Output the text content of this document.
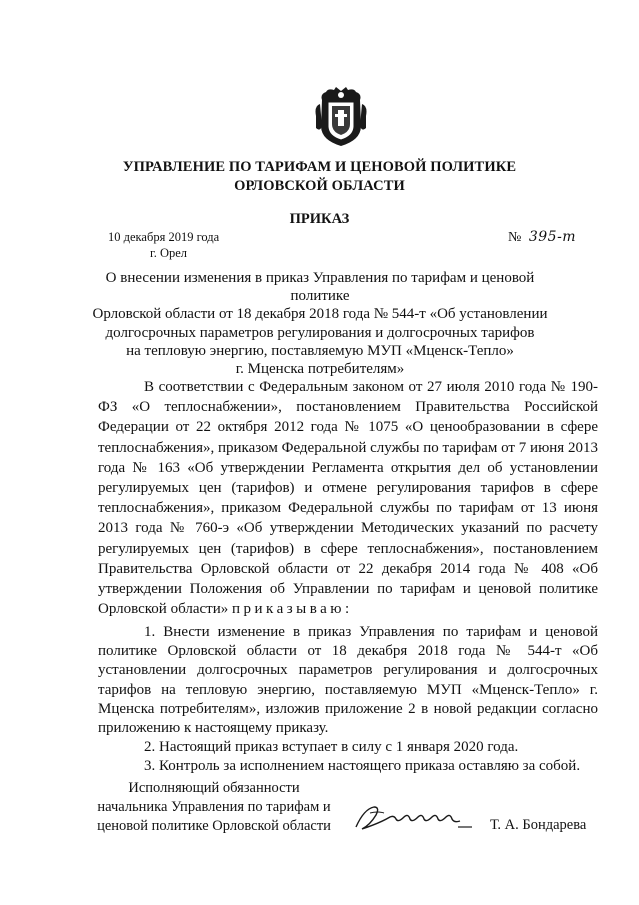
УПРАВЛЕНИЕ ПО ТАРИФАМ И ЦЕНОВОЙ ПОЛИТИКЕ
ОРЛОВСКОЙ ОБЛАСТИ
ПРИКАЗ
10 декабря 2019 года
г. Орел
№ 395-т
О внесении изменения в приказ Управления по тарифам и ценовой политике
Орловской области от 18 декабря 2018 года № 544-т «Об установлении
долгосрочных параметров регулирования и долгосрочных тарифов
на тепловую энергию, поставляемую МУП «Мценск-Тепло»
г. Мценска потребителям»

В соответствии с Федеральным законом от 27 июля 2010 года № 190-ФЗ «О теплоснабжении», постановлением Правительства Российской Федерации от 22 октября 2012 года № 1075 «О ценообразовании в сфере теплоснабжения», приказом Федеральной службы по тарифам от 7 июня 2013 года № 163 «Об утверждении Регламента открытия дел об установлении регулируемых цен (тарифов) и отмене регулирования тарифов в сфере теплоснабжения», приказом Федеральной службы по тарифам от 13 июня 2013 года № 760-э «Об утверждении Методических указаний по расчету регулируемых цен (тарифов) в сфере теплоснабжения», постановлением Правительства Орловской области от 22 декабря 2014 года № 408 «Об утверждении Положения об Управлении по тарифам и ценовой политике Орловской области» приказываю:

1. Внести изменение в приказ Управления по тарифам и ценовой политике Орловской области от 18 декабря 2018 года № 544-т «Об установлении долгосрочных параметров регулирования и долгосрочных тарифов на тепловую энергию, поставляемую МУП «Мценск-Тепло» г. Мценска потребителям», изложив приложение 2 в новой редакции согласно приложению к настоящему приказу.
2. Настоящий приказ вступает в силу с 1 января 2020 года.
3. Контроль за исполнением настоящего приказа оставляю за собой.
Исполняющий обязанности
начальника Управления по тарифам и
ценовой политике Орловской области	Т. А. Бондарева
